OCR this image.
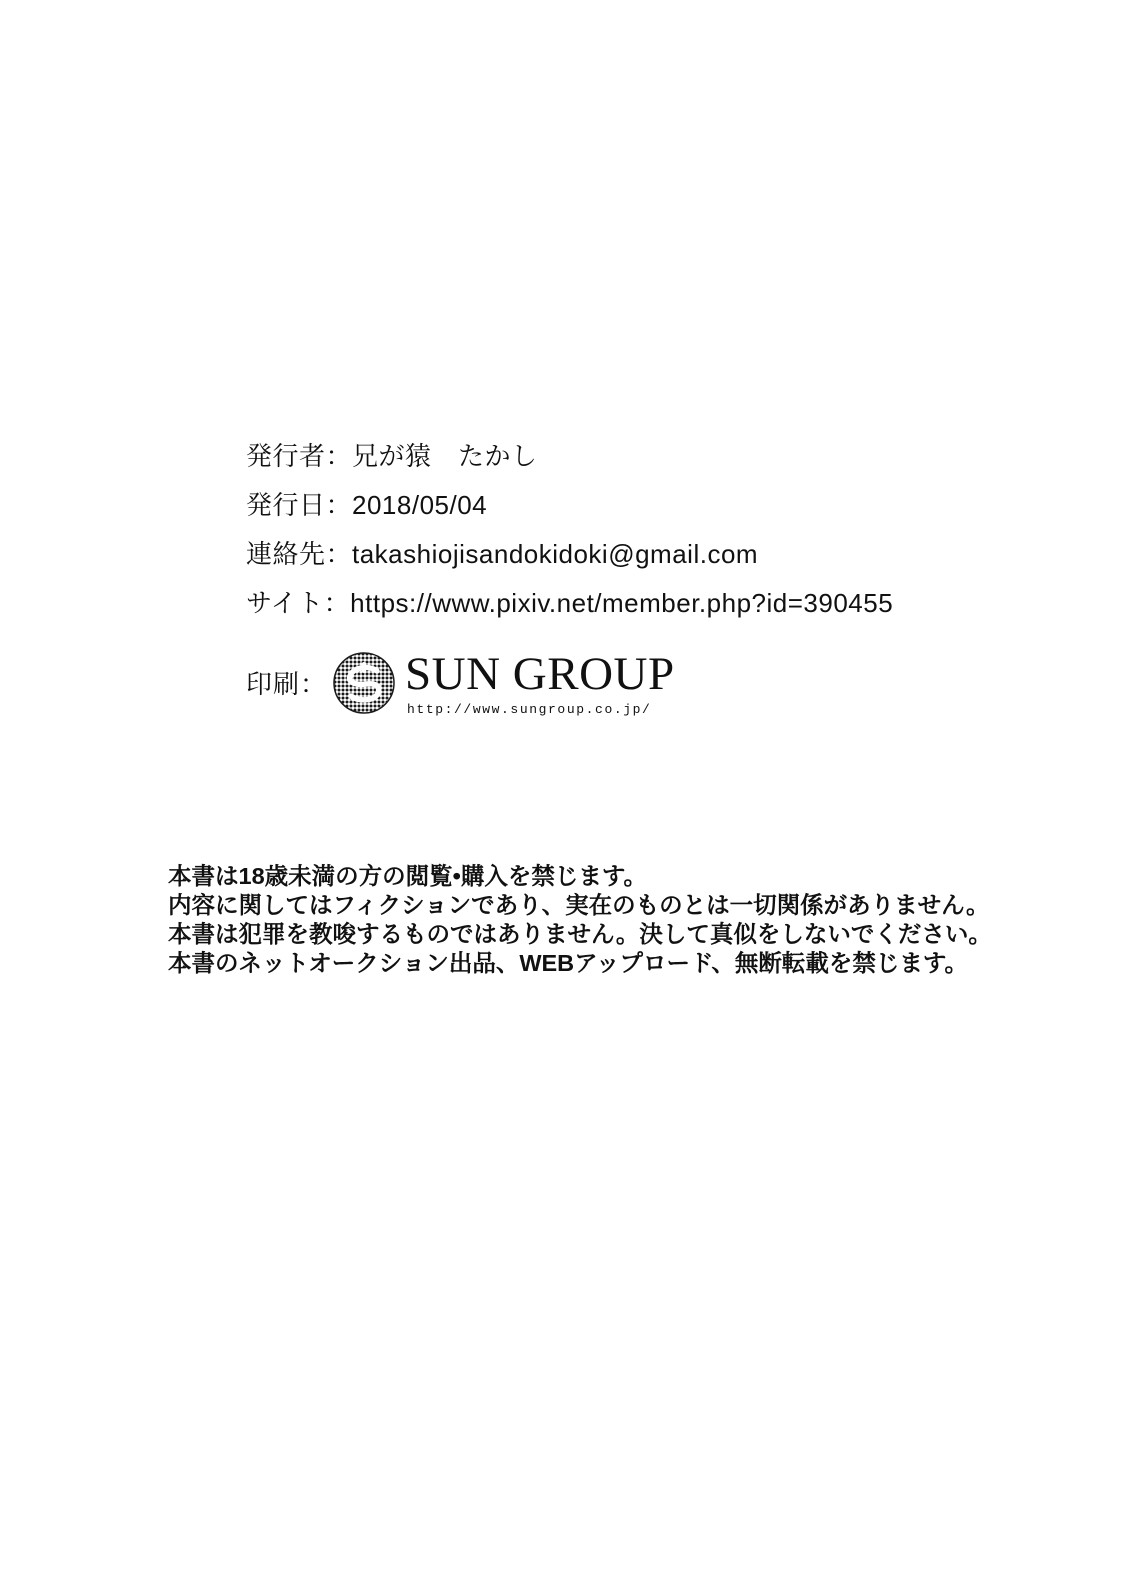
発行者：兄が猿　たかし
発行日：2018/05/04
連絡先：takashiojisandokidoki@gmail.com
サイト：https://www.pixiv.net/member.php?id=390455
印刷： SUN GROUP
http://www.sungroup.co.jp/
本書は18歳未満の方の閲覧•購入を禁じます。
内容に関してはフィクションであり、実在のものとは一切関係がありません。
本書は犯罪を教唆するものではありません。決して真似をしないでください。
本書のネットオークション出品、WEBアップロード、無断転載を禁じます。
